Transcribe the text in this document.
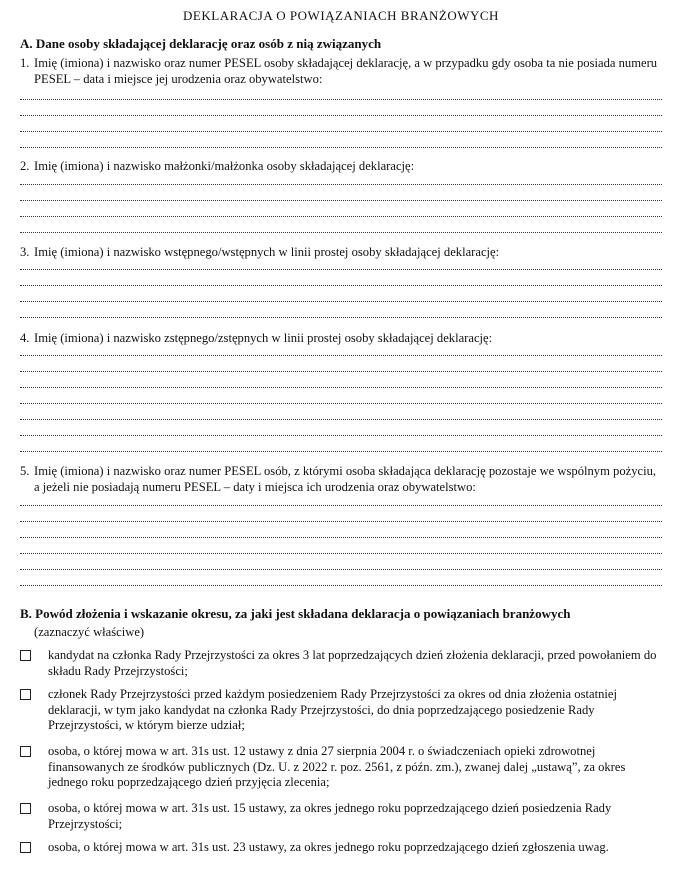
DEKLARACJA O POWIĄZANIACH BRANŻOWYCH
A. Dane osoby składającej deklarację oraz osób z nią związanych
1. Imię (imiona) i nazwisko oraz numer PESEL osoby składającej deklarację, a w przypadku gdy osoba ta nie posiada numeru PESEL – data i miejsce jej urodzenia oraz obywatelstwo:
2. Imię (imiona) i nazwisko małżonki/małżonka osoby składającej deklarację:
3. Imię (imiona) i nazwisko wstępnego/wstępnych w linii prostej osoby składającej deklarację:
4. Imię (imiona) i nazwisko zstępnego/zstępnych w linii prostej osoby składającej deklarację:
5. Imię (imiona) i nazwisko oraz numer PESEL osób, z którymi osoba składająca deklarację pozostaje we wspólnym pożyciu, a jeżeli nie posiadają numeru PESEL – daty i miejsca ich urodzenia oraz obywatelstwo:
B. Powód złożenia i wskazanie okresu, za jaki jest składana deklaracja o powiązaniach branżowych
(zaznaczyć właściwe)
kandydat na członka Rady Przejrzystości za okres 3 lat poprzedzających dzień złożenia deklaracji, przed powołaniem do składu Rady Przejrzystości;
członek Rady Przejrzystości przed każdym posiedzeniem Rady Przejrzystości za okres od dnia złożenia ostatniej deklaracji, w tym jako kandydat na członka Rady Przejrzystości, do dnia poprzedzającego posiedzenie Rady Przejrzystości, w którym bierze udział;
osoba, o której mowa w art. 31s ust. 12 ustawy z dnia 27 sierpnia 2004 r. o świadczeniach opieki zdrowotnej finansowanych ze środków publicznych (Dz. U. z 2022 r. poz. 2561, z późn. zm.), zwanej dalej „ustawą”, za okres jednego roku poprzedzającego dzień przyjęcia zlecenia;
osoba, o której mowa w art. 31s ust. 15 ustawy, za okres jednego roku poprzedzającego dzień posiedzenia Rady Przejrzystości;
osoba, o której mowa w art. 31s ust. 23 ustawy, za okres jednego roku poprzedzającego dzień zgłoszenia uwag.
